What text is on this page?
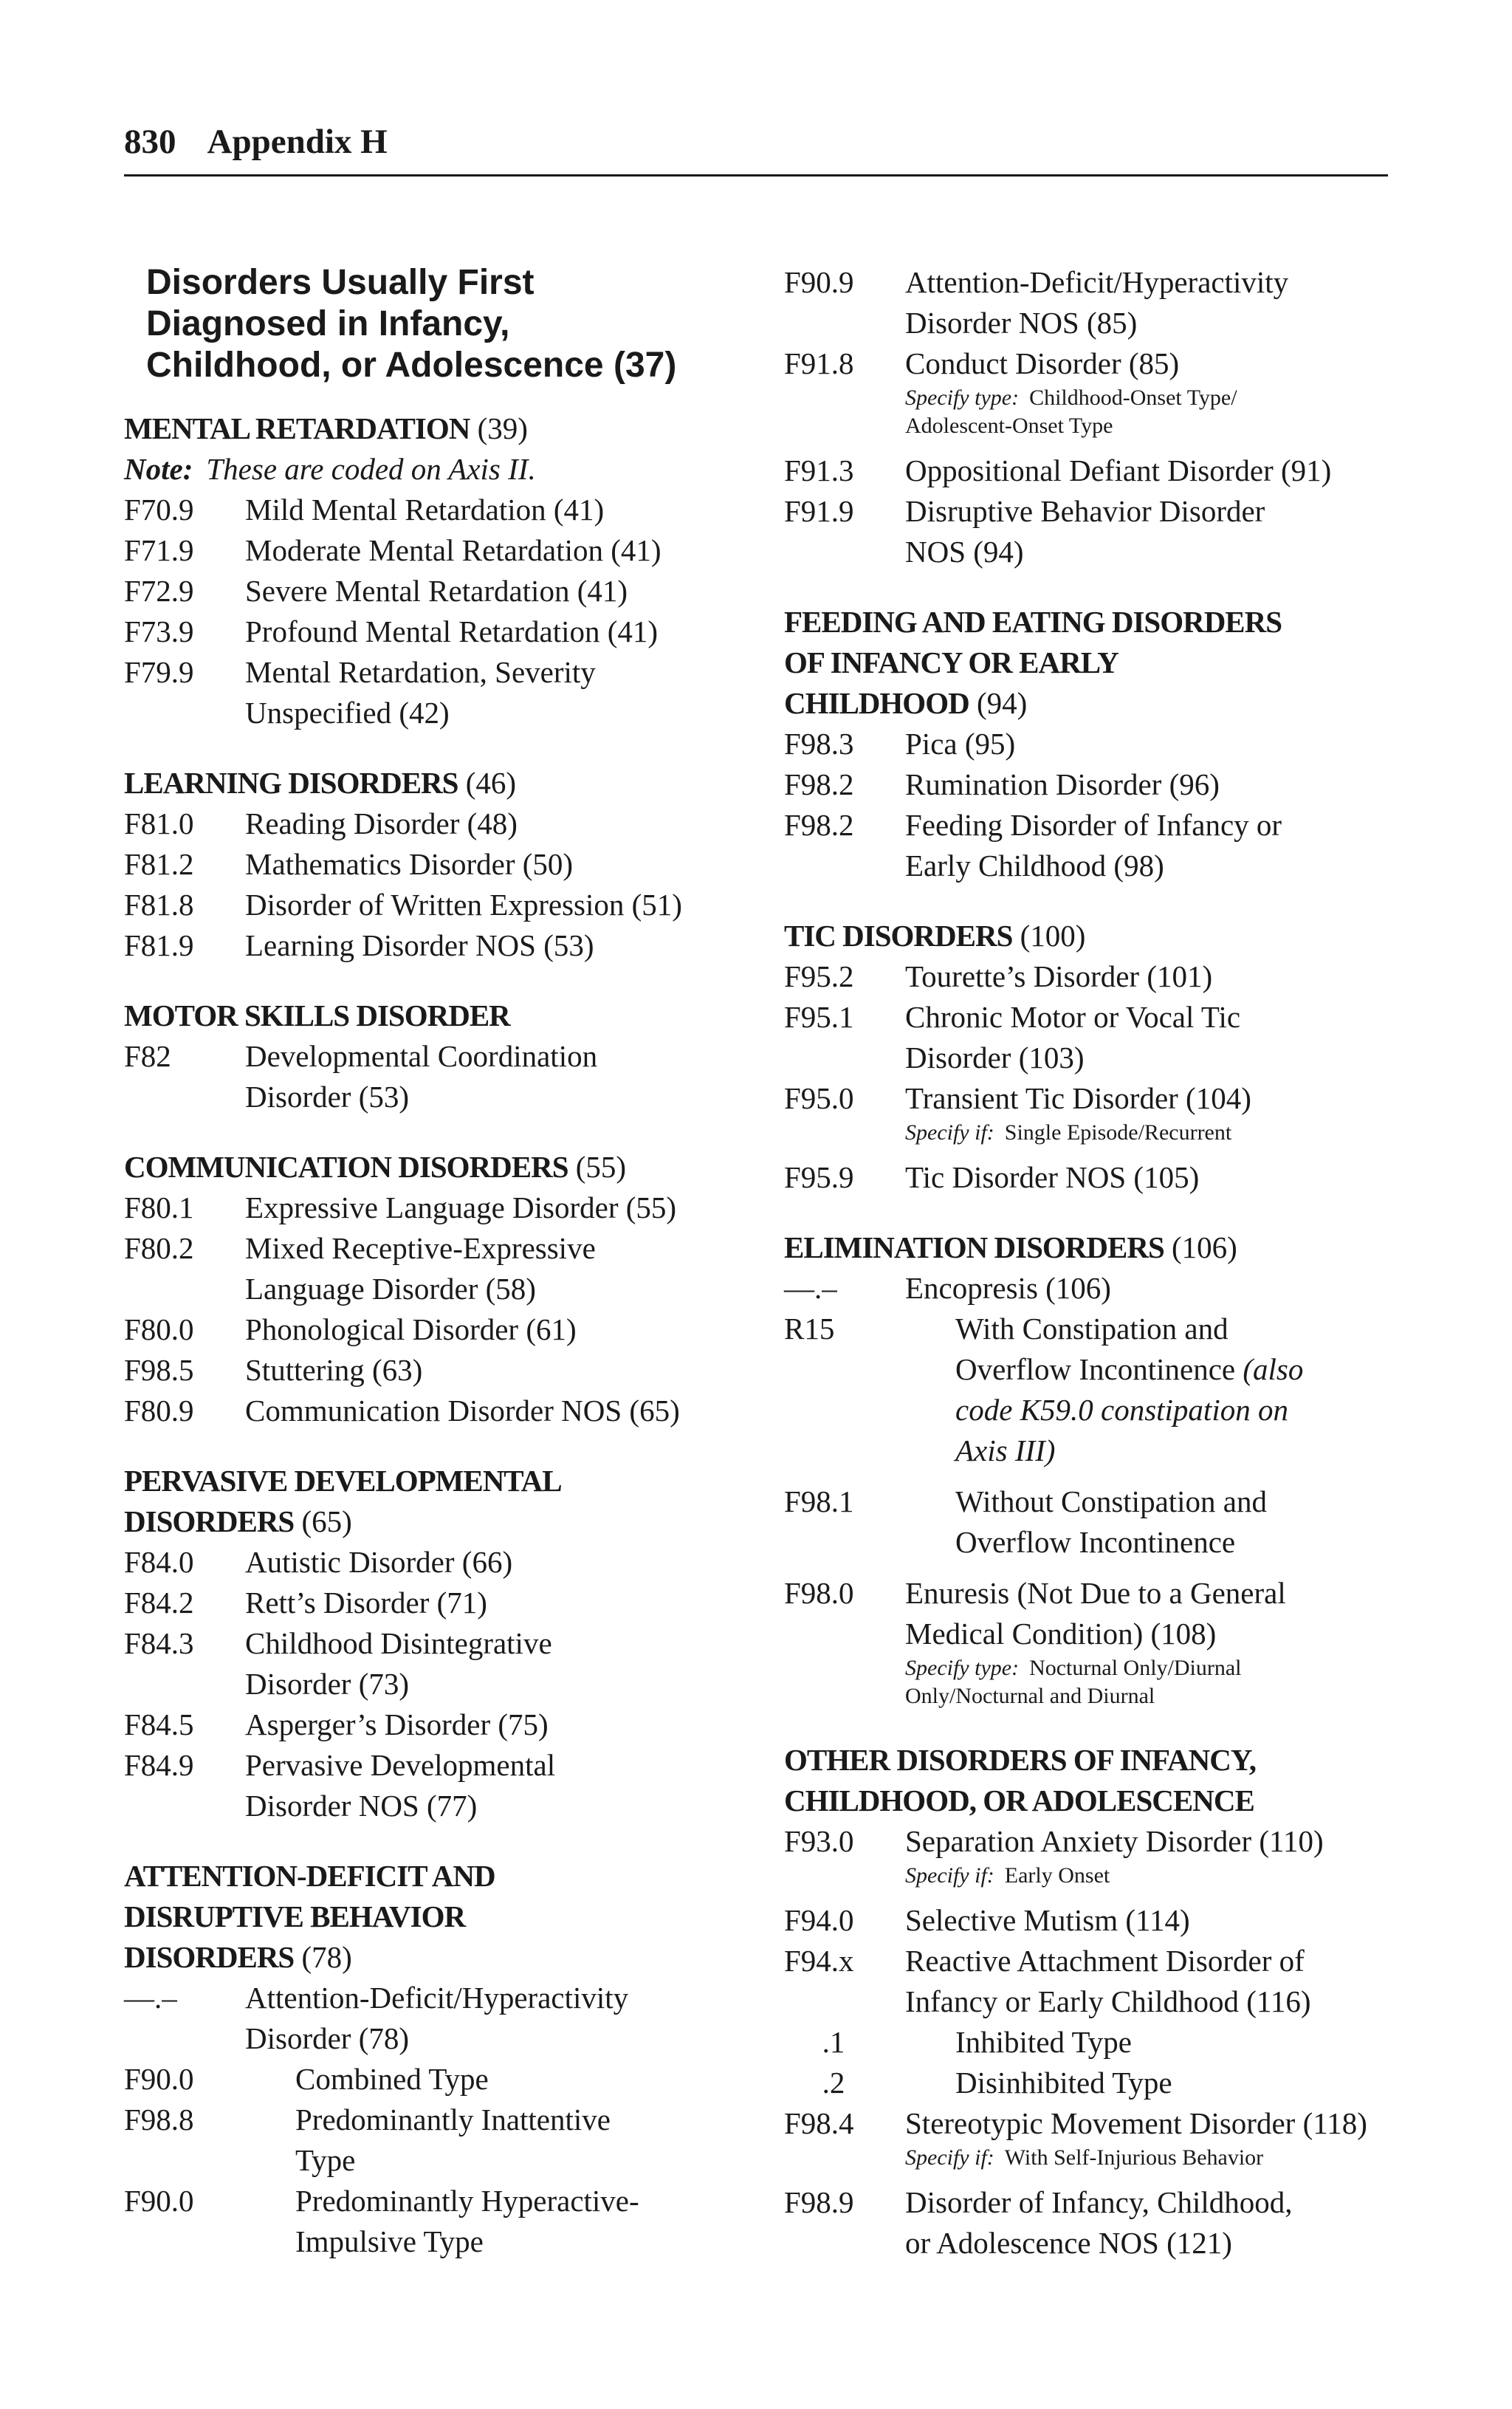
830 Appendix H
Disorders Usually First
Diagnosed in Infancy,
Childhood, or Adolescence (37)
MENTAL RETARDATION (39)
Note: These are coded on Axis II.
F70.9	Mild Mental Retardation (41)
F71.9	Moderate Mental Retardation (41)
F72.9	Severe Mental Retardation (41)
F73.9	Profound Mental Retardation (41)
F79.9	Mental Retardation, Severity
Unspecified (42)
LEARNING DISORDERS (46)
F81.0	Reading Disorder (48)
F81.2	Mathematics Disorder (50)
F81.8	Disorder of Written Expression (51)
F81.9	Learning Disorder NOS (53)
MOTOR SKILLS DISORDER
F82	Developmental Coordination
Disorder (53)
COMMUNICATION DISORDERS (55)
F80.1	Expressive Language Disorder (55)
F80.2	Mixed Receptive-Expressive
Language Disorder (58)
F80.0	Phonological Disorder (61)
F98.5	Stuttering (63)
F80.9	Communication Disorder NOS (65)
PERVASIVE DEVELOPMENTAL
DISORDERS (65)
F84.0	Autistic Disorder (66)
F84.2	Rett’s Disorder (71)
F84.3	Childhood Disintegrative
Disorder (73)
F84.5	Asperger’s Disorder (75)
F84.9	Pervasive Developmental
Disorder NOS (77)
ATTENTION-DEFICIT AND
DISRUPTIVE BEHAVIOR
DISORDERS (78)
—.–	Attention-Deficit/Hyperactivity
Disorder (78)
F90.0	Combined Type
F98.8	Predominantly Inattentive
Type
F90.0	Predominantly Hyperactive-
Impulsive Type
F90.9	Attention-Deficit/Hyperactivity
Disorder NOS (85)
F91.8	Conduct Disorder (85)
Specify type: Childhood-Onset Type/
Adolescent-Onset Type
F91.3	Oppositional Defiant Disorder (91)
F91.9	Disruptive Behavior Disorder
NOS (94)
FEEDING AND EATING DISORDERS
OF INFANCY OR EARLY
CHILDHOOD (94)
F98.3	Pica (95)
F98.2	Rumination Disorder (96)
F98.2	Feeding Disorder of Infancy or
Early Childhood (98)
TIC DISORDERS (100)
F95.2	Tourette’s Disorder (101)
F95.1	Chronic Motor or Vocal Tic
Disorder (103)
F95.0	Transient Tic Disorder (104)
Specify if: Single Episode/Recurrent
F95.9	Tic Disorder NOS (105)
ELIMINATION DISORDERS (106)
—.–	Encopresis (106)
R15	With Constipation and
Overflow Incontinence (also
code K59.0 constipation on
Axis III)
F98.1	Without Constipation and
Overflow Incontinence
F98.0	Enuresis (Not Due to a General
Medical Condition) (108)
Specify type: Nocturnal Only/Diurnal
Only/Nocturnal and Diurnal
OTHER DISORDERS OF INFANCY,
CHILDHOOD, OR ADOLESCENCE
F93.0	Separation Anxiety Disorder (110)
Specify if: Early Onset
F94.0	Selective Mutism (114)
F94.x	Reactive Attachment Disorder of
Infancy or Early Childhood (116)
.1	Inhibited Type
.2	Disinhibited Type
F98.4	Stereotypic Movement Disorder (118)
Specify if: With Self-Injurious Behavior
F98.9	Disorder of Infancy, Childhood,
or Adolescence NOS (121)
